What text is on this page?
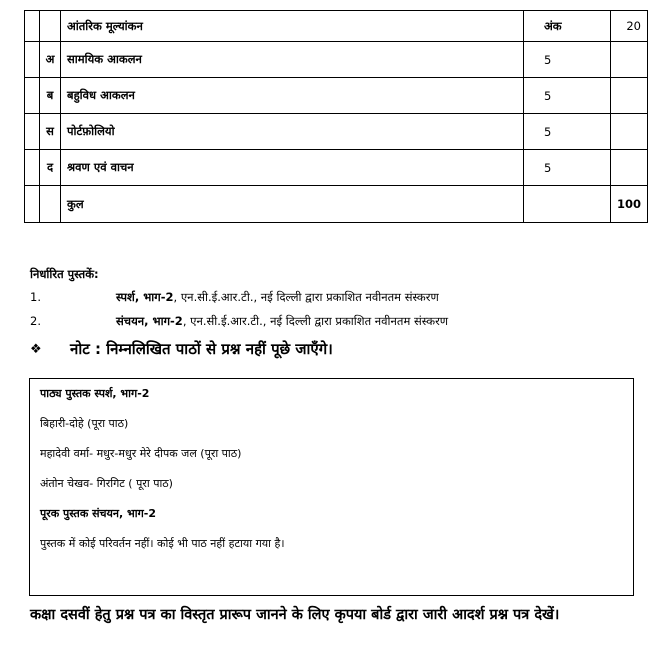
		आंतरिक मूल्यांकन	अंक	20
	अ	सामयिक आकलन	5	
	ब	बहुविध आकलन	5	
	स	पोर्टफ़ोलियो	5	
	द	श्रवण एवं वाचन	5	
		कुल		100
निर्धारित पुस्तकें:
1.	स्पर्श, भाग-2, एन.सी.ई.आर.टी., नई दिल्ली द्वारा प्रकाशित नवीनतम संस्करण
2.	संचयन, भाग-2, एन.सी.ई.आर.टी., नई दिल्ली द्वारा प्रकाशित नवीनतम संस्करण
❖	नोट : निम्नलिखित पाठों से प्रश्न नहीं पूछे जाएँगे।
पाठ्य पुस्तक स्पर्श, भाग-2
बिहारी-दोहे (पूरा पाठ)
महादेवी वर्मा- मधुर-मधुर मेरे दीपक जल (पूरा पाठ)
अंतोन चेखव- गिरगिट ( पूरा पाठ)
पूरक पुस्तक संचयन, भाग-2
पुस्तक में कोई परिवर्तन नहीं। कोई भी पाठ नहीं हटाया गया है।
कक्षा दसवीं हेतु प्रश्न पत्र का विस्तृत प्रारूप जानने के लिए कृपया बोर्ड द्वारा जारी आदर्श प्रश्न पत्र देखें।
